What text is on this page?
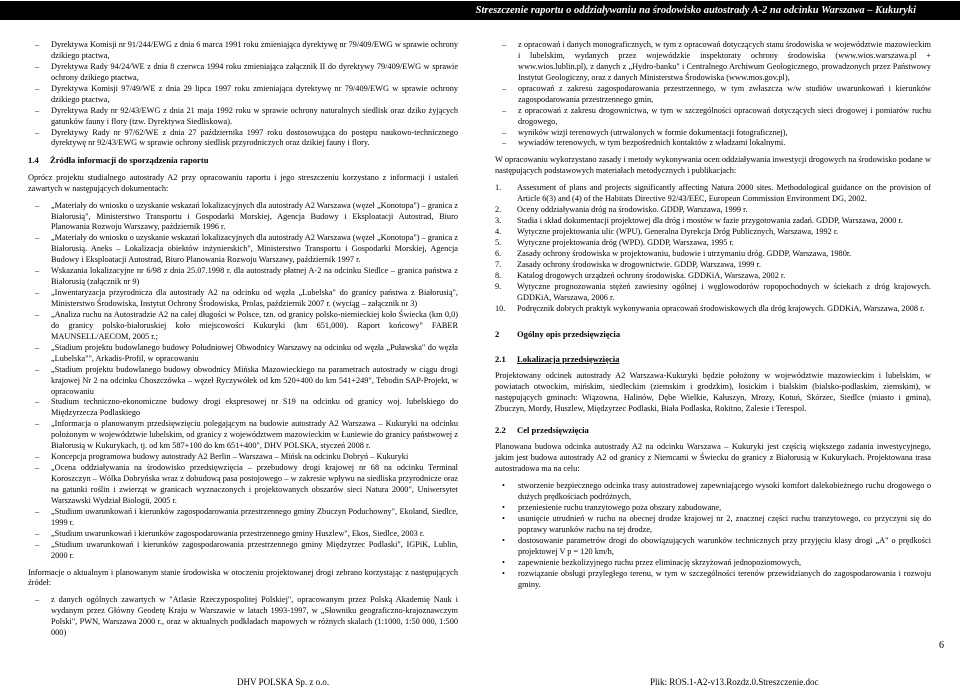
Streszczenie raportu o oddziaływaniu na środowisko autostrady A-2 na odcinku Warszawa – Kukuryki
– Dyrektywa Komisji nr 91/244/EWG z dnia 6 marca 1991 roku zmieniająca dyrektywę nr 79/409/EWG w sprawie ochrony dzikiego ptactwa,
– Dyrektywa Rady 94/24/WE z dnia 8 czerwca 1994 roku zmieniająca załącznik II do dyrektywy 79/409/EWG w sprawie ochrony dzikiego ptactwa,
– Dyrektywa Komisji 97/49/WE z dnia 29 lipca 1997 roku zmieniająca dyrektywę nr 79/409/EWG w sprawie ochrony dzikiego ptactwa,
– Dyrektywa Rady nr 92/43/EWG z dnia 21 maja 1992 roku w sprawie ochrony naturalnych siedlisk oraz dziko żyjących gatunków fauny i flory (tzw. Dyrektywa Siedliskowa).
– Dyrektywy Rady nr 97/62/WE z dnia 27 października 1997 roku dostosowująca do postępu naukowo-technicznego dyrektywę nr 92/43/EWG w sprawie ochrony siedlisk przyrodniczych oraz dzikiej fauny i flory.
1.4 Źródła informacji do sporządzenia raportu

Oprócz projektu studialnego autostrady A2 przy opracowaniu raportu i jego streszczeniu korzystano z informacji i ustaleń zawartych w następujących dokumentach:

– „Materiały do wniosku o uzyskanie wskazań lokalizacyjnych dla autostrady A2 Warszawa (węzeł „Konotopa") – granica z Białorusią", Ministerstwo Transportu i Gospodarki Morskiej, Agencja Budowy i Eksploatacji Autostrad, Biuro Planowania Rozwoju Warszawy, październik 1996 r.
– „Materiały do wniosku o uzyskanie wskazań lokalizacyjnych dla autostrady A2 Warszawa (węzeł „Konotopa") – granica z Białorusią. Aneks – Lokalizacja obiektów inżynierskich", Ministerstwo Transportu i Gospodarki Morskiej, Agencja Budowy i Eksploatacji Autostrad, Biuro Planowania Rozwoju Warszawy, październik 1997 r.
– Wskazania lokalizacyjne nr 6/98 z dnia 25.07.1998 r. dla autostrady płatnej A-2 na odcinku Siedlce – granica państwa z Białorusią (załącznik nr 9)
– „Inwentaryzacja przyrodnicza dla autostrady A2 na odcinku od węzła „Lubelska" do granicy państwa z Białorusią", Ministerstwo Środowiska, Instytut Ochrony Środowiska, Prolas, październik 2007 r. (wyciąg – załącznik nr 3)
– „Analiza ruchu na Autostradzie A2 na całej długości w Polsce, tzn. od granicy polsko-niemieckiej koło Świecka (km 0,0) do granicy polsko-białoruskiej koło miejscowości Kukuryki (km 651,000). Raport końcowy" FABER MAUNSELL/AECOM, 2005 r.;
– „Stadium projektu budowlanego budowy Południowej Obwodnicy Warszawy na odcinku od węzła „Puławska" do węzła „Lubelska"", Arkadis-Profil, w opracowaniu
– „Stadium projektu budowlanego budowy obwodnicy Mińska Mazowieckiego na parametrach autostrady w ciągu drogi krajowej Nr 2 na odcinku Choszczówka – węzeł Ryczywółek od km 520+400 do km 541+249", Tebodin SAP-Projekt, w opracowaniu
– Studium techniczno-ekonomiczne budowy drogi ekspresowej nr S19 na odcinku od granicy woj. lubelskiego do Międzyrzecza Podlaskiego
– „Informacja o planowanym przedsięwzięciu polegającym na budowie autostrady A2 Warszawa – Kukuryki na odcinku położonym w województwie lubelskim, od granicy z województwem mazowieckim w Łuniewie do granicy państwowej z Białorusią w Kukurykach, tj. od km 587+100 do km 651+400", DHV POLSKA, styczeń 2008 r.
– Koncepcja programowa budowy autostrady A2 Berlin – Warszawa – Mińsk na odcinku Dobryń – Kukuryki
– „Ocena oddziaływania na środowisko przedsięwzięcia – przebudowy drogi krajowej nr 68 na odcinku Terminal Koroszczyn – Wólka Dobryńska wraz z dobudową pasa postojowego – w zakresie wpływu na siedliska przyrodnicze oraz na gatunki roślin i zwierząt w granicach wyznaczonych i projektowanych obszarów sieci Natura 2000", Uniwersytet Warszawski Wydział Biologii, 2005 r.
– „Studium uwarunkowań i kierunków zagospodarowania przestrzennego gminy Zbuczyn Poduchowny", Ekoland, Siedlce, 1999 r.
– „Studium uwarunkowań i kierunków zagospodarowania przestrzennego gminy Huszlew", Ekos, Siedlce, 2003 r.
– „Studium uwarunkowań i kierunków zagospodarowania przestrzennego gminy Międzyrzec Podlaski", IGPiK, Lublin, 2000 r.

Informacje o aktualnym i planowanym stanie środowiska w otoczeniu projektowanej drogi zebrano korzystając z następujących źródeł:

– z danych ogólnych zawartych w "Atlasie Rzeczypospolitej Polskiej", opracowanym przez Polską Akademię Nauk i wydanym przez Główny Geodetę Kraju w Warszawie w latach 1993-1997, w „Słowniku geograficzno-krajoznawczym Polski", PWN, Warszawa 2000 r., oraz w aktualnych podkładach mapowych w różnych skalach (1:1000, 1:50 000, 1:500 000)
– z opracowań i danych monograficznych, w tym z opracowań dotyczących stanu środowiska w województwie mazowieckim i lubelskim, wydanych przez wojewódzkie inspektoraty ochrony środowiska (www.wios.warszawa.pl + www.wios.lublin.pl), z danych z „Hydro-banku" i Centralnego Archiwum Geologicznego, prowadzonych przez Państwowy Instytut Geologiczny, oraz z danych Ministerstwa Środowiska (www.mos.gov.pl),
– opracowań z zakresu zagospodarowania przestrzennego, w tym zwłaszcza w/w studiów uwarunkowań i kierunków zagospodarowania przestrzennego gmin,
– z opracowań z zakresu drogownictwa, w tym w szczególności opracowań dotyczących sieci drogowej i pomiarów ruchu drogowego,
– wyników wizji terenowych (utrwalonych w formie dokumentacji fotograficznej),
– wywiadów terenowych, w tym bezpośrednich kontaktów z władzami lokalnymi.

W opracowaniu wykorzystano zasady i metody wykonywania ocen oddziaływania inwestycji drogowych na środowisko podane w następujących podstawowych materiałach metodycznych i publikacjach:

1. Assessment of plans and projects significantly affecting Natura 2000 sites. Methodological guidance on the provision of Article 6(3) and (4) of the Habitats Directive 92/43/EEC, European Commission Environment DG, 2002.
2. Oceny oddziaływania dróg na środowisko. GDDP, Warszawa, 1999 r.
3. Stadia i skład dokumentacji projektowej dla dróg i mostów w fazie przygotowania zadań. GDDP, Warszawa, 2000 r.
4. Wytyczne projektowania ulic (WPU). Generalna Dyrekcja Dróg Publicznych, Warszawa, 1992 r.
5. Wytyczne projektowania dróg (WPD). GDDP, Warszawa, 1995 r.
6. Zasady ochrony środowiska w projektowaniu, budowie i utrzymaniu dróg. GDDP, Warszawa, 1980r.
7. Zasady ochrony środowiska w drogownictwie. GDDP, Warszawa, 1999 r.
8. Katalog drogowych urządzeń ochrony środowiska. GDDKiA, Warszawa, 2002 r.
9. Wytyczne prognozowania stężeń zawiesiny ogólnej i węglowodorów ropopochodnych w ściekach z dróg krajowych. GDDKiA, Warszawa, 2006 r.
10. Podręcznik dobrych praktyk wykonywania opracowań środowiskowych dla dróg krajowych. GDDKiA, Warszawa, 2008 r.
2 Ogólny opis przedsięwzięcia
2.1 Lokalizacja przedsięwzięcia

Projektowany odcinek autostrady A2 Warszawa-Kukuryki będzie położony w województwie mazowieckim i lubelskim, w powiatach otwockim, mińskim, siedleckim (ziemskim i grodzkim), łosickim i bialskim (bialsko-podlaskim, ziemskim), w następujących gminach: Wiązowna, Halinów, Dębe Wielkie, Kałuszyn, Mrozy, Kotuń, Skórzec, Siedlce (miasto i gmina), Zbuczyn, Mordy, Huszlew, Międzyrzec Podlaski, Biała Podlaska, Rokitno, Zalesie i Terespol.

2.2 Cel przedsięwzięcia

Planowana budowa odcinka autostrady A2 na odcinku Warszawa – Kukuryki jest częścią większego zadania inwestycyjnego, jakim jest budowa autostrady A2 od granicy z Niemcami w Świecku do granicy z Białorusią w Kukurykach. Projektowana trasa autostradowa ma na celu:

• stworzenie bezpiecznego odcinka trasy autostradowej zapewniającego wysoki komfort dalekobieżnego ruchu drogowego o dużych prędkościach podróżnych,
• przeniesienie ruchu tranzytowego poza obszary zabudowane,
• usunięcie utrudnień w ruchu na obecnej drodze krajowej nr 2, znacznej części ruchu tranzytowego, co przyczyni się do poprawy warunków ruchu na tej drodze,
• dostosowanie parametrów drogi do obowiązujących warunków technicznych przy przyjęciu klasy drogi „A" o prędkości projektowej V p = 120 km/h,
• zapewnienie bezkolizyjnego ruchu przez eliminację skrzyżowań jednopoziomowych,
• rozwiązanie obsługi przyległego terenu, w tym w szczególności terenów przewidzianych do zagospodarowania i rozwoju gminy.
6
DHV POLSKA Sp. z o.o.	Plik: ROS.1-A2-v13.Rozdz.0.Streszczenie.doc
